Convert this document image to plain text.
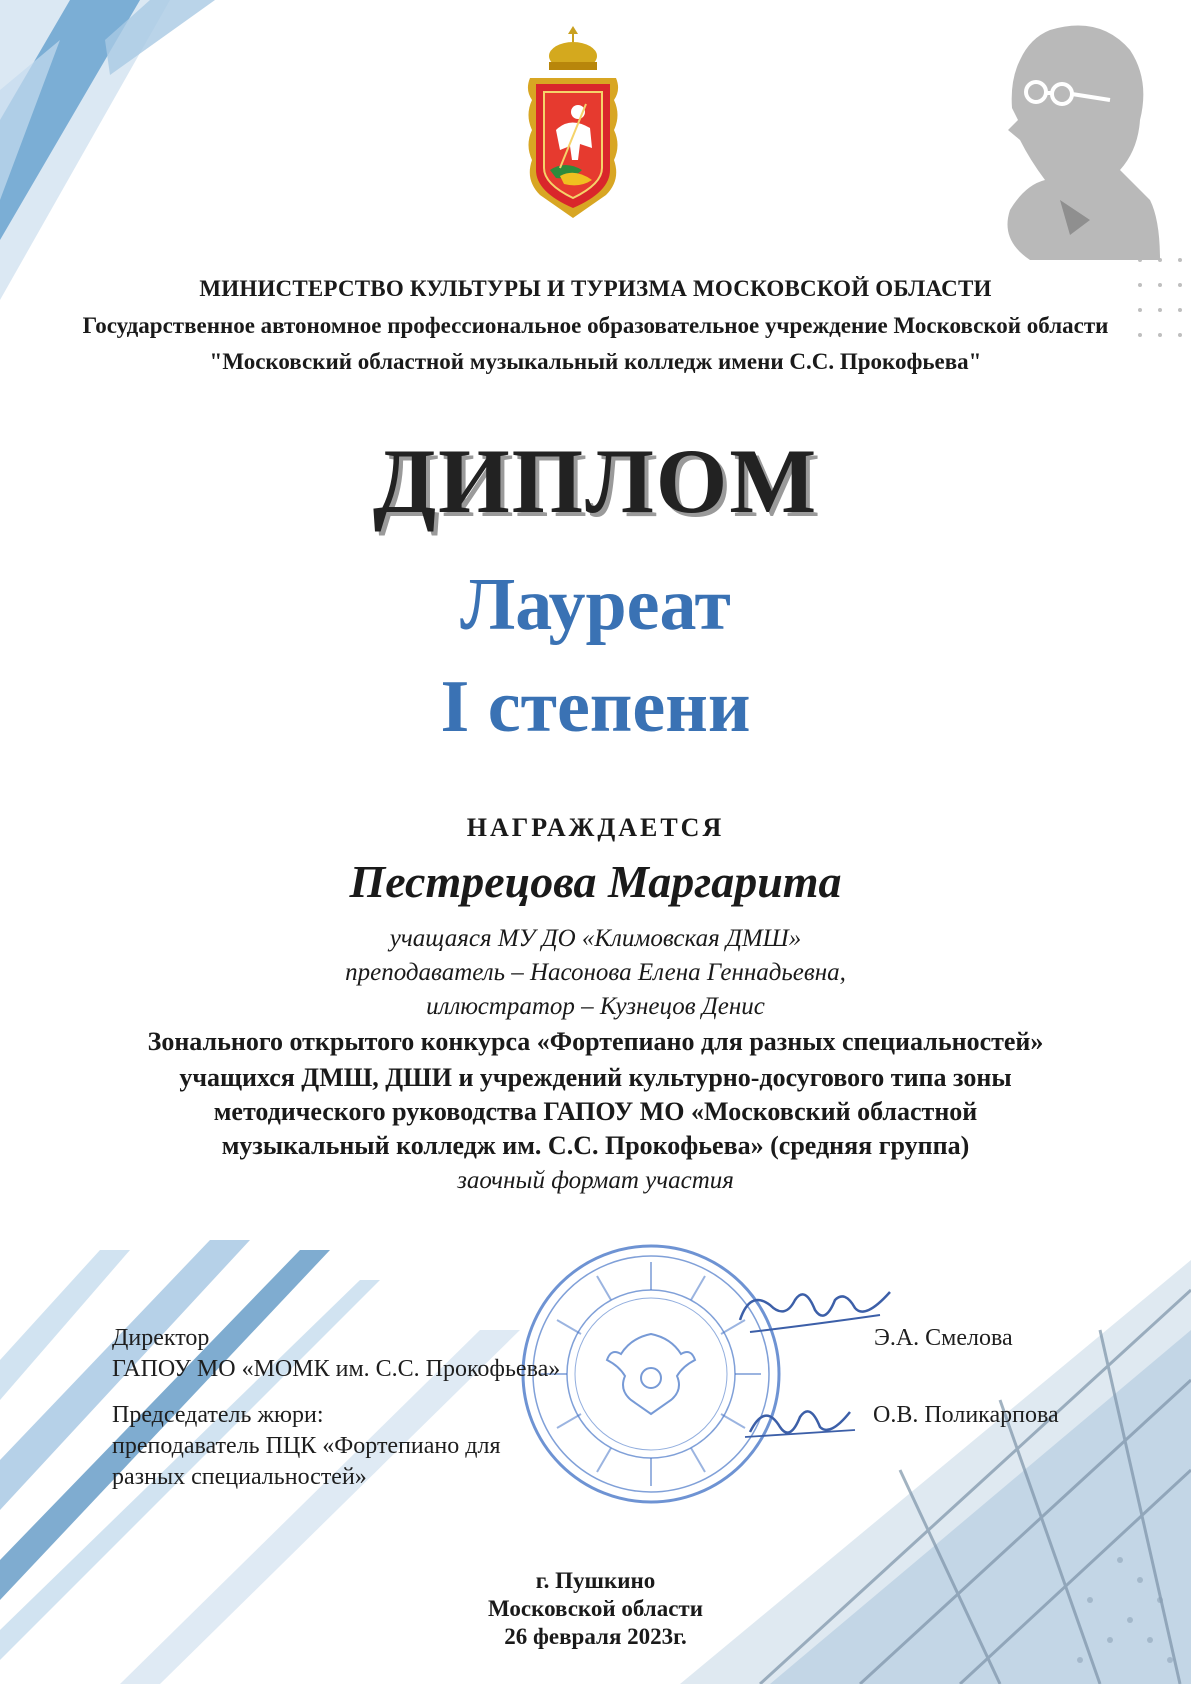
МИНИСТЕРСТВО КУЛЬТУРЫ И ТУРИЗМА МОСКОВСКОЙ ОБЛАСТИ
Государственное автономное профессиональное образовательное учреждение Московской области
"Московский областной музыкальный колледж имени С.С. Прокофьева"
ДИПЛОМ
Лауреат
I степени
НАГРАЖДАЕТСЯ
Пестрецова Маргарита
учащаяся МУ ДО «Климовская ДМШ»
преподаватель – Насонова Елена Геннадьевна,
иллюстратор – Кузнецов Денис
Зонального открытого конкурса «Фортепиано для разных специальностей»
учащихся ДМШ, ДШИ и учреждений культурно-досугового типа зоны
методического руководства ГАПОУ МО «Московский областной
музыкальный колледж им. С.С. Прокофьева» (средняя группа)
заочный формат участия
Директор
ГАПОУ МО «МОМК им. С.С. Прокофьева»
Э.А. Смелова
Председатель жюри:
преподаватель ПЦК «Фортепиано для
разных специальностей»
О.В. Поликарпова
г. Пушкино
Московской области
26 февраля 2023г.
